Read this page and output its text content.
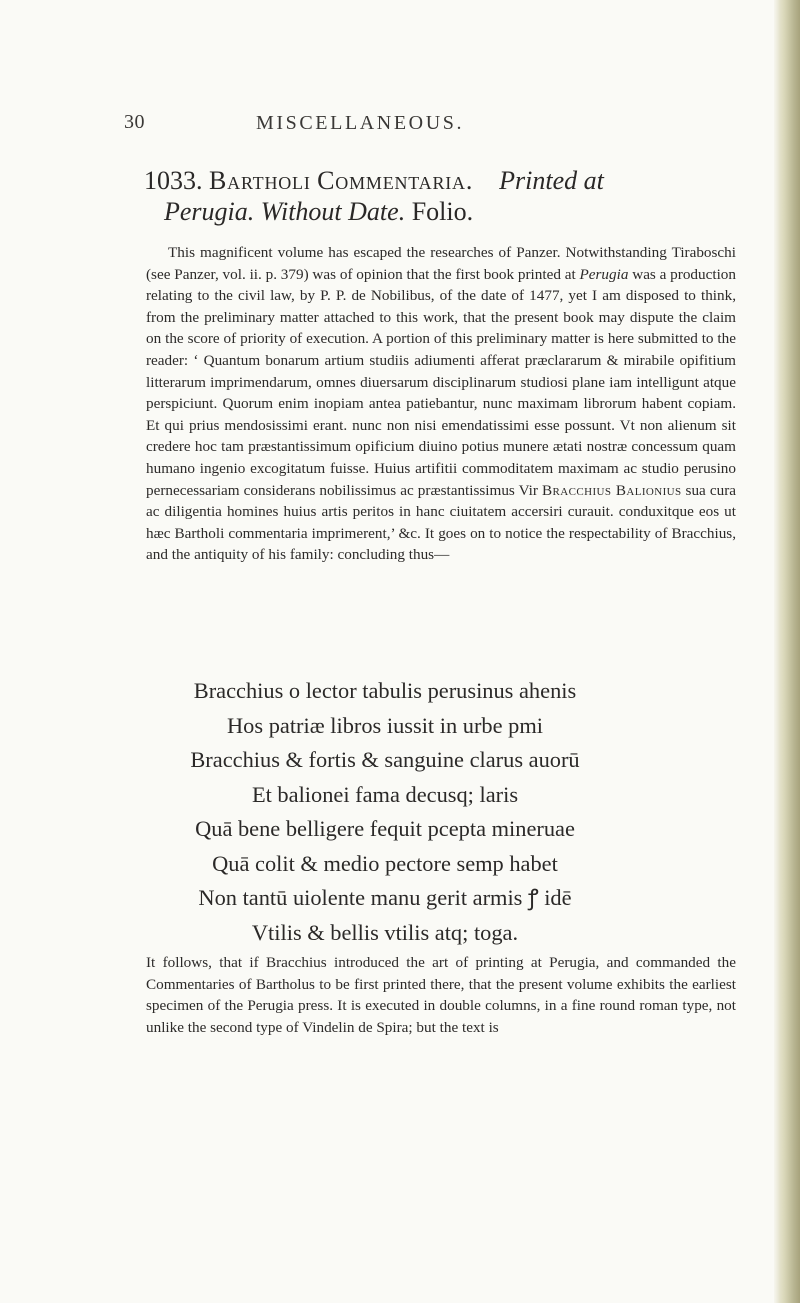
30	MISCELLANEOUS.
1033. Bartholi Commentaria. Printed at
Perugia. Without Date. Folio.
This magnificent volume has escaped the researches of Panzer. Notwithstanding Tiraboschi (see Panzer, vol. ii. p. 379) was of opinion that the first book printed at Perugia was a production relating to the civil law, by P. P. de Nobilibus, of the date of 1477, yet I am disposed to think, from the preliminary matter attached to this work, that the present book may dispute the claim on the score of priority of execution. A portion of this preliminary matter is here submitted to the reader: ‘ Quantum bonarum artium studiis adiumenti afferat præclararum & mirabile opifitium litterarum imprimendarum, omnes diuersarum disciplinarum studiosi plane iam intelligunt atque perspiciunt. Quorum enim inopiam antea patiebantur, nunc maximam librorum habent copiam. Et qui prius mendosissimi erant. nunc non nisi emendatissimi esse possunt. Vt non alienum sit credere hoc tam præstantissimum opificium diuino potius munere ætati nostræ concessum quam humano ingenio excogitatum fuisse. Huius artifitii commoditatem maximam ac studio perusino pernecessariam considerans nobilissimus ac præstantissimus Vir Bracchius Balionius sua cura ac diligentia homines huius artis peritos in hanc ciuitatem accersiri curauit. conduxitque eos ut hæc Bartholi commentaria imprimerent,’ &c. It goes on to notice the respectability of Bracchius, and the antiquity of his family: concluding thus—
Bracchius o lector tabulis perusinus ahenis
Hos patriæ libros iussit in urbe pmi
Bracchius & fortis & sanguine clarus auorū
Et balionei fama decusq; laris
Quā bene belligere fequit pcepta mineruae
Quā colit & medio pectore semp habet
Non tantū uiolente manu gerit armis ꝭ idē
Vtilis & bellis vtilis atq; toga.
It follows, that if Bracchius introduced the art of printing at Perugia, and commanded the Commentaries of Bartholus to be first printed there, that the present volume exhibits the earliest specimen of the Perugia press. It is executed in double columns, in a fine round roman type, not unlike the second type of Vindelin de Spira; but the text is
